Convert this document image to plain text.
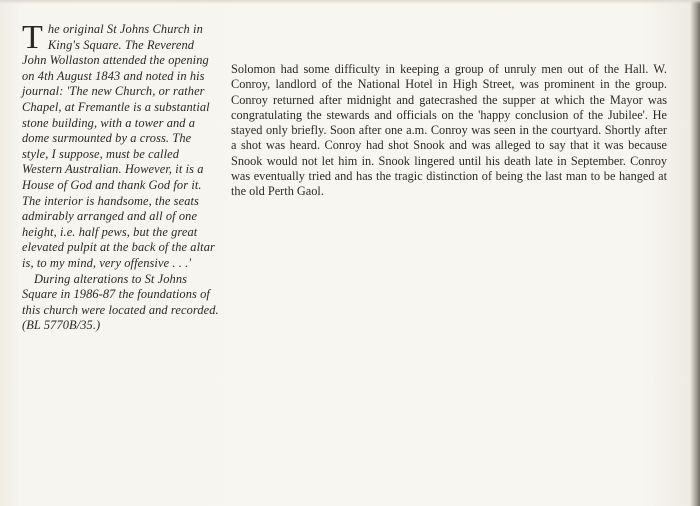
The original St Johns Church in King's Square. The Reverend John Wollaston attended the opening on 4th August 1843 and noted in his journal: 'The new Church, or rather Chapel, at Fremantle is a substantial stone building, with a tower and a dome surmounted by a cross. The style, I suppose, must be called Western Australian. However, it is a House of God and thank God for it. The interior is handsome, the seats admirably arranged and all of one height, i.e. half pews, but the great elevated pulpit at the back of the altar is, to my mind, very offensive . . .'

During alterations to St Johns Square in 1986-87 the foundations of this church were located and recorded. (BL 5770B/35.)

Solomon had some difficulty in keeping a group of unruly men out of the Hall. W. Conroy, landlord of the National Hotel in High Street, was prominent in the group. Conroy returned after midnight and gatecrashed the supper at which the Mayor was congratulating the stewards and officials on the 'happy conclusion of the Jubilee'. He stayed only briefly. Soon after one a.m. Conroy was seen in the courtyard. Shortly after a shot was heard. Conroy had shot Snook and was alleged to say that it was because Snook would not let him in. Snook lingered until his death late in September. Conroy was eventually tried and has the tragic distinction of being the last man to be hanged at the old Perth Gaol.
